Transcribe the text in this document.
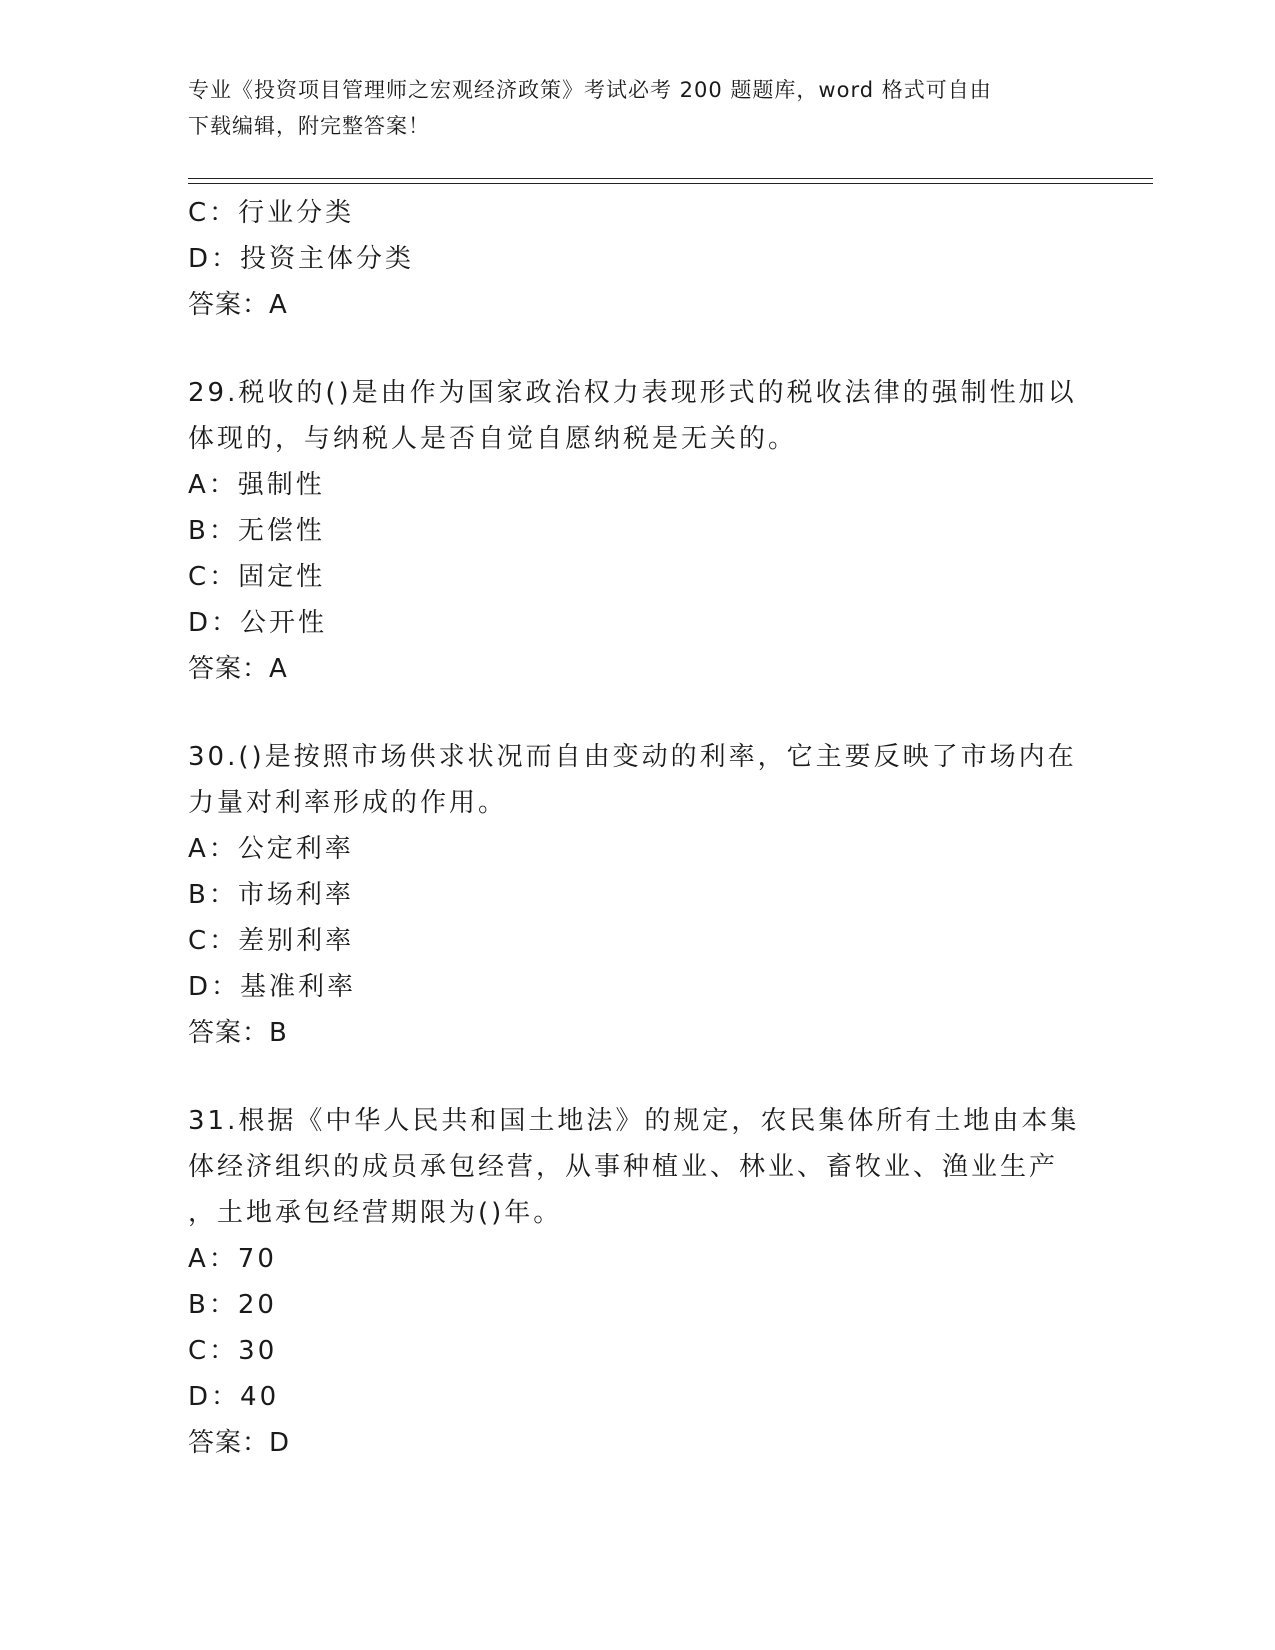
专业《投资项目管理师之宏观经济政策》考试必考 200 题题库，word 格式可自由
下载编辑，附完整答案！
C：行业分类
D：投资主体分类
答案：A
29.税收的()是由作为国家政治权力表现形式的税收法律的强制性加以
体现的，与纳税人是否自觉自愿纳税是无关的。
A：强制性
B：无偿性
C：固定性
D：公开性
答案：A
30.()是按照市场供求状况而自由变动的利率，它主要反映了市场内在
力量对利率形成的作用。
A：公定利率
B：市场利率
C：差别利率
D：基准利率
答案：B
31.根据《中华人民共和国土地法》的规定，农民集体所有土地由本集
体经济组织的成员承包经营，从事种植业、林业、畜牧业、渔业生产
，土地承包经营期限为()年。
A：70
B：20
C：30
D：40
答案：D
